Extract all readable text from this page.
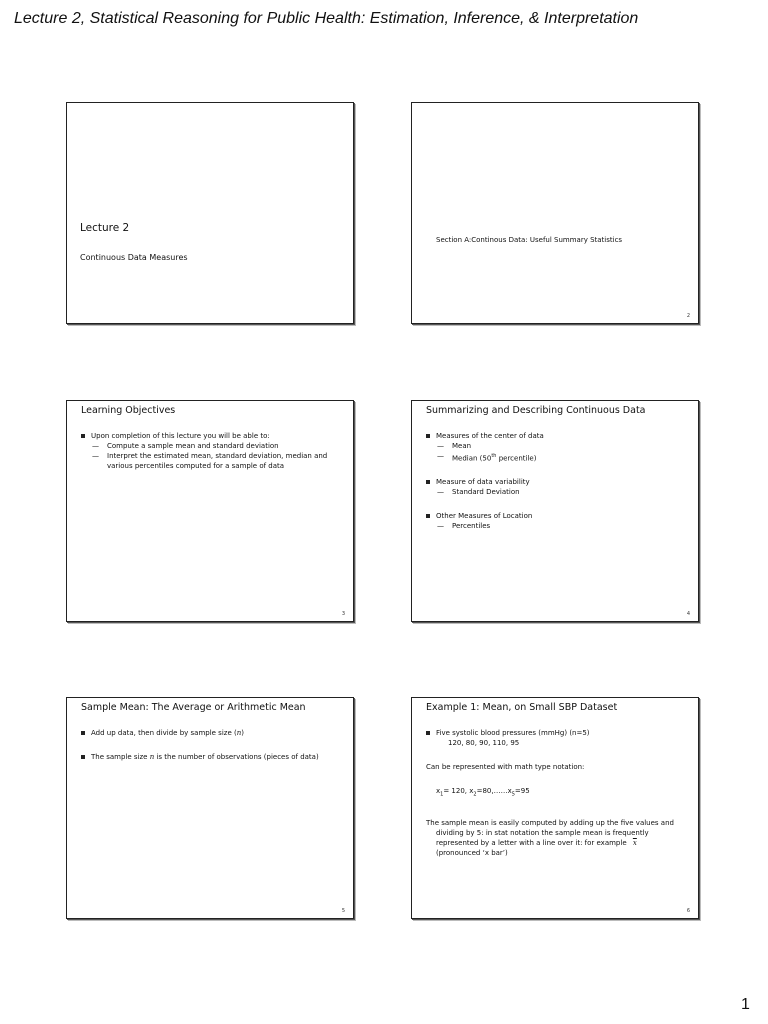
Lecture 2, Statistical Reasoning for Public Health: Estimation, Inference, & Interpretation
Lecture 2
Continuous Data Measures
Section A:Continous Data: Useful Summary Statistics
2
Learning Objectives
Upon completion of this lecture you will be able to:
— Compute a sample mean and standard deviation
— Interpret the estimated mean, standard deviation, median and
various percentiles computed for a sample of data
3
Summarizing and Describing Continuous Data
Measures of the center of data
— Mean
— Median (50th percentile)
Measure of data variability
— Standard Deviation
Other Measures of Location
— Percentiles
4
Sample Mean: The Average or Arithmetic Mean
Add up data, then divide by sample size (n)
The sample size n is the number of observations (pieces of data)
5
Example 1: Mean, on Small SBP Dataset
Five systolic blood pressures (mmHg) (n=5)
120, 80, 90, 110, 95
Can be represented with math type notation:
$x_1= 120$, $x_2=80,\dots\dots x_5=95$
The sample mean is easily computed by adding up the five values and
dividing by 5: in stat notation the sample mean is frequently
represented by a letter with a line over it: for example $\overline{x}$
(pronounced ‘x bar’)
6
1
